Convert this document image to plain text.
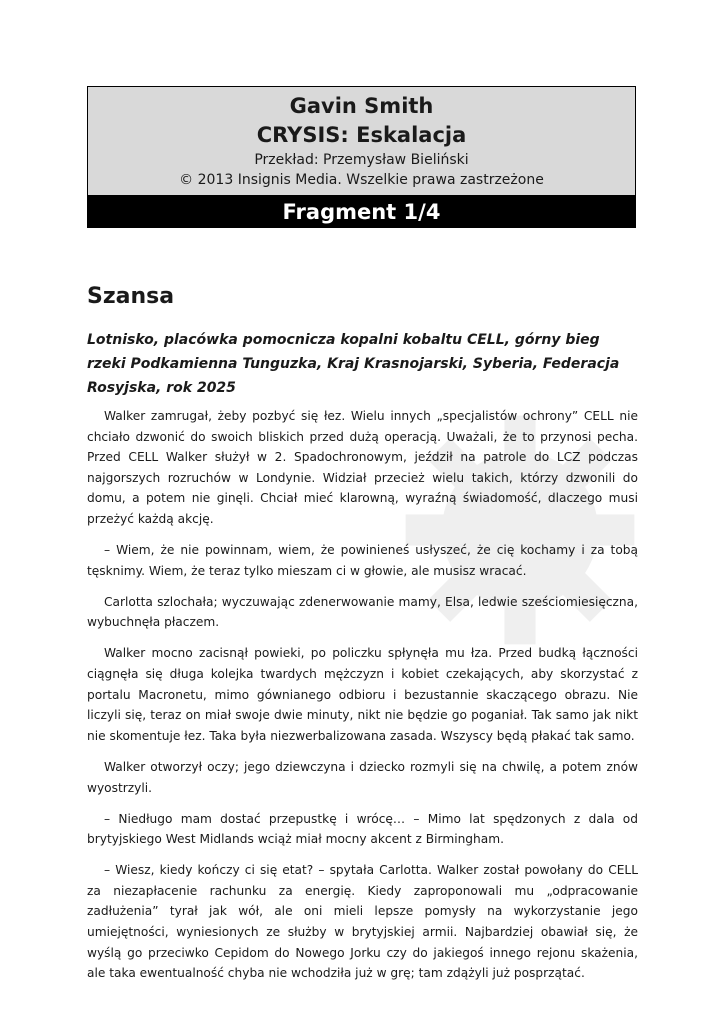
Gavin Smith
CRYSIS: Eskalacja
Przekład: Przemysław Bieliński
© 2013 Insignis Media. Wszelkie prawa zastrzeżone
Fragment 1/4
Szansa

Lotnisko, placówka pomocnicza kopalni kobaltu CELL, górny bieg rzeki Podkamienna Tunguzka, Kraj Krasnojarski, Syberia, Federacja Rosyjska, rok 2025

Walker zamrugał, żeby pozbyć się łez. Wielu innych „specjalistów ochrony” CELL nie chciało dzwonić do swoich bliskich przed dużą operacją. Uważali, że to przynosi pecha. Przed CELL Walker służył w 2. Spadochronowym, jeździł na patrole do LCZ podczas najgorszych rozruchów w Londynie. Widział przecież wielu takich, którzy dzwonili do domu, a potem nie ginęli. Chciał mieć klarowną, wyraźną świadomość, dlaczego musi przeżyć każdą akcję.

– Wiem, że nie powinnam, wiem, że powinieneś usłyszeć, że cię kochamy i za tobą tęsknimy. Wiem, że teraz tylko mieszam ci w głowie, ale musisz wracać.

Carlotta szlochała; wyczuwając zdenerwowanie mamy, Elsa, ledwie sześciomiesięczna, wybuchnęła płaczem.

Walker mocno zacisnął powieki, po policzku spłynęła mu łza. Przed budką łączności ciągnęła się długa kolejka twardych mężczyzn i kobiet czekających, aby skorzystać z portalu Macronetu, mimo gównianego odbioru i bezustannie skaczącego obrazu. Nie liczyli się, teraz on miał swoje dwie minuty, nikt nie będzie go poganiał. Tak samo jak nikt nie skomentuje łez. Taka była niezwerbalizowana zasada. Wszyscy będą płakać tak samo.

Walker otworzył oczy; jego dziewczyna i dziecko rozmyli się na chwilę, a potem znów wyostrzyli.

– Niedługo mam dostać przepustkę i wrócę… – Mimo lat spędzonych z dala od brytyjskiego West Midlands wciąż miał mocny akcent z Birmingham.

– Wiesz, kiedy kończy ci się etat? – spytała Carlotta. Walker został powołany do CELL za niezapłacenie rachunku za energię. Kiedy zaproponowali mu „odpracowanie zadłużenia” tyrał jak wół, ale oni mieli lepsze pomysły na wykorzystanie jego umiejętności, wyniesionych ze służby w brytyjskiej armii. Najbardziej obawiał się, że wyślą go przeciwko Cepidom do Nowego Jorku czy do jakiegoś innego rejonu skażenia, ale taka ewentualność chyba nie wchodziła już w grę; tam zdążyli już posprzątać.
